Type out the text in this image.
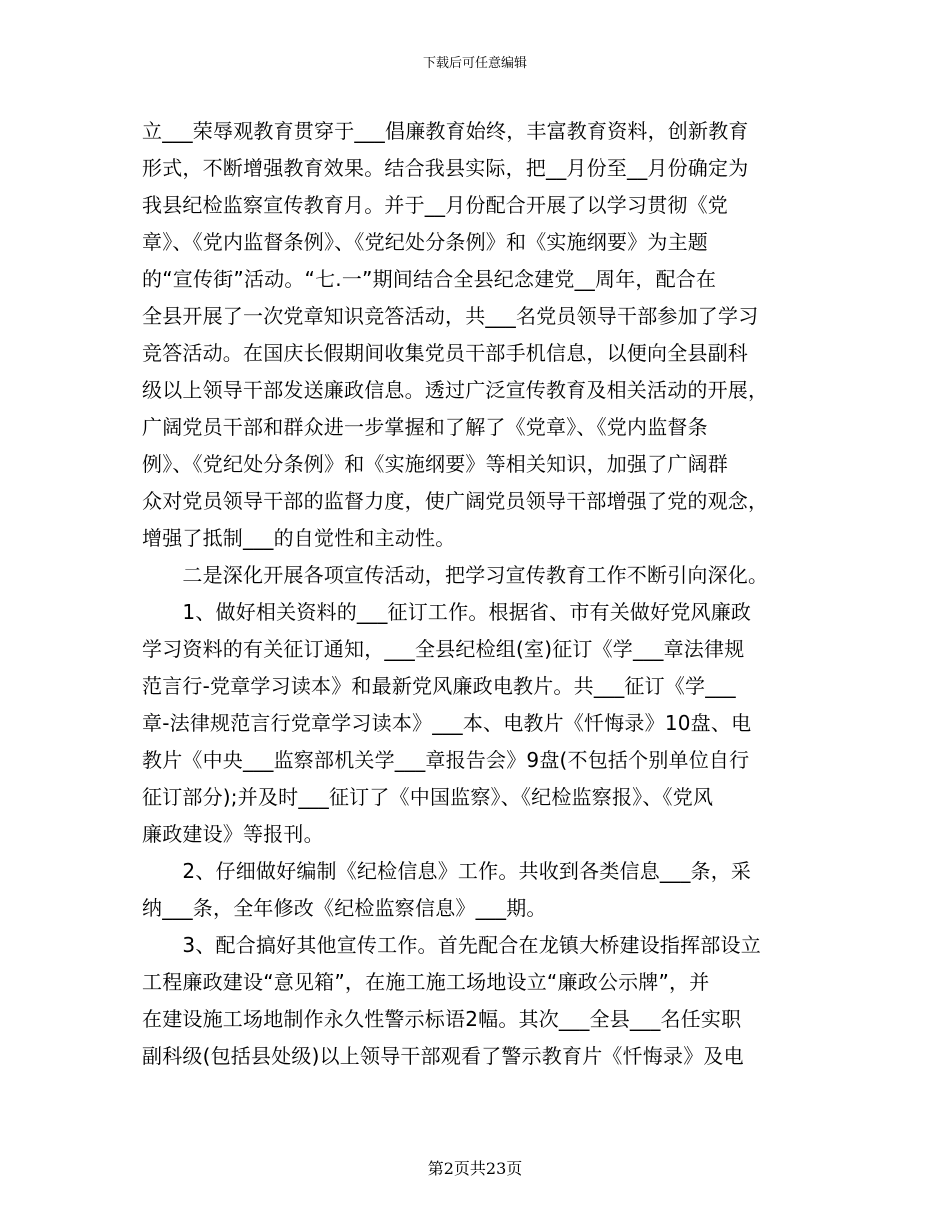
下载后可任意编辑
立___荣辱观教育贯穿于___倡廉教育始终，丰富教育资料，创新教育
形式，不断增强教育效果。结合我县实际，把__月份至__月份确定为
我县纪检监察宣传教育月。并于__月份配合开展了以学习贯彻《党
章》、《党内监督条例》、《党纪处分条例》和《实施纲要》为主题
的“宣传街”活动。“七.一”期间结合全县纪念建党__周年，配合在
全县开展了一次党章知识竞答活动，共___名党员领导干部参加了学习
竞答活动。在国庆长假期间收集党员干部手机信息，以便向全县副科
级以上领导干部发送廉政信息。透过广泛宣传教育及相关活动的开展，
广阔党员干部和群众进一步掌握和了解了《党章》、《党内监督条
例》、《党纪处分条例》和《实施纲要》等相关知识，加强了广阔群
众对党员领导干部的监督力度，使广阔党员领导干部增强了党的观念，
增强了抵制___的自觉性和主动性。
　　二是深化开展各项宣传活动，把学习宣传教育工作不断引向深化。
　　1、做好相关资料的___征订工作。根据省、市有关做好党风廉政
学习资料的有关征订通知，___全县纪检组(室)征订《学___章法律规
范言行-党章学习读本》和最新党风廉政电教片。共___征订《学___
章-法律规范言行党章学习读本》___本、电教片《忏悔录》10盘、电
教片《中央___监察部机关学___章报告会》9盘(不包括个别单位自行
征订部分);并及时___征订了《中国监察》、《纪检监察报》、《党风
廉政建设》等报刊。
　　2、仔细做好编制《纪检信息》工作。共收到各类信息___条，采
纳___条，全年修改《纪检监察信息》___期。
　　3、配合搞好其他宣传工作。首先配合在龙镇大桥建设指挥部设立
工程廉政建设“意见箱”，在施工施工场地设立“廉政公示牌”，并
在建设施工场地制作永久性警示标语2幅。其次___全县___名任实职
副科级(包括县处级)以上领导干部观看了警示教育片《忏悔录》及电
第2页共23页
